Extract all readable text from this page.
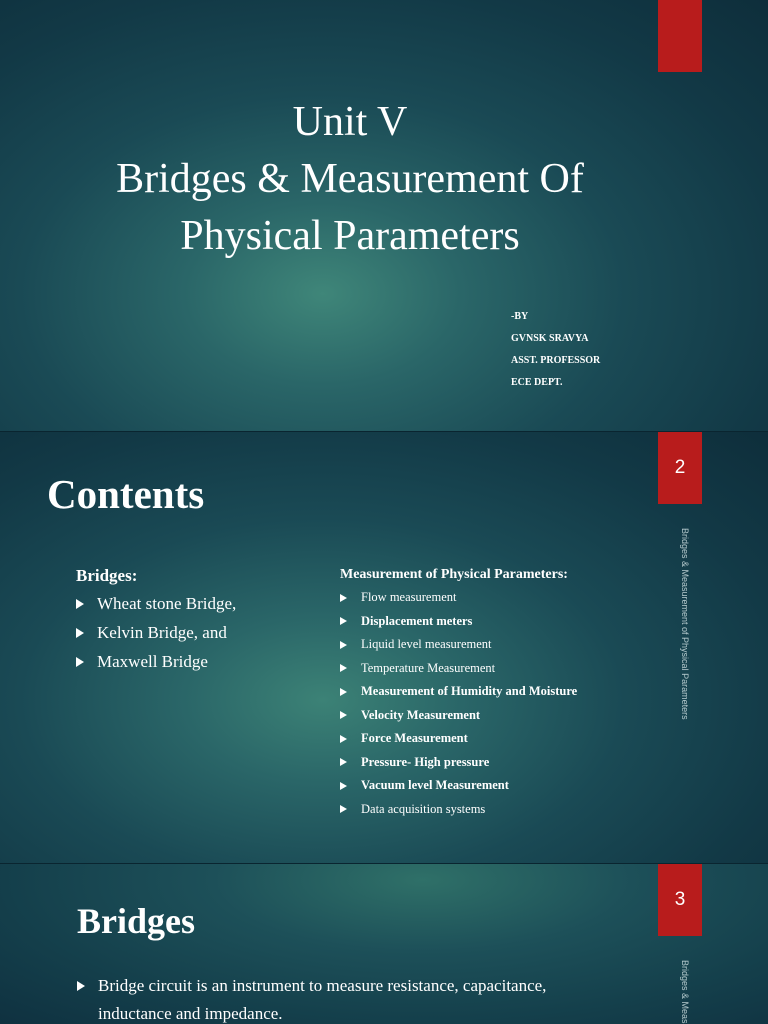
Unit V
Bridges & Measurement Of
Physical Parameters
-BY
GVNSK SRAVYA
ASST. PROFESSOR
ECE DEPT.
2
Contents
Bridges:
Wheat stone Bridge,
Kelvin Bridge, and
Maxwell Bridge
Measurement of Physical Parameters:
Flow measurement
Displacement meters
Liquid level measurement
Temperature Measurement
Measurement of Humidity and Moisture
Velocity Measurement
Force Measurement
Pressure- High pressure
Vacuum level Measurement
Data acquisition systems
Bridges & Measurement of Physical Parameters
3
Bridges
Bridge circuit is an instrument to measure resistance, capacitance,
inductance and impedance.	Bridges & Meas
